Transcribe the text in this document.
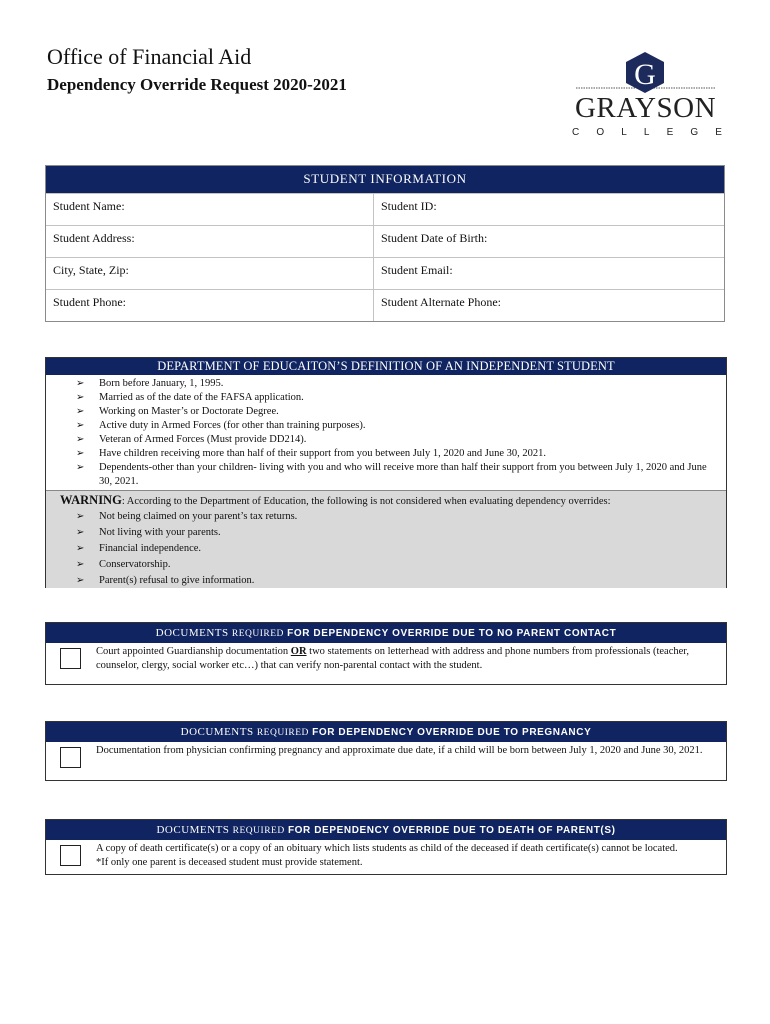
Office of Financial Aid
Dependency Override Request 2020-2021	G
GRAYSON
C O L L E G E
STUDENT INFORMATION
Student Name:	Student ID:
Student Address:	Student Date of Birth:
City, State, Zip:	Student Email:
Student Phone:	Student Alternate Phone:
DEPARTMENT OF EDUCAITON’S DEFINITION OF AN INDEPENDENT STUDENT
➢ Born before January, 1, 1995.
➢ Married as of the date of the FAFSA application.
➢ Working on Master’s or Doctorate Degree.
➢ Active duty in Armed Forces (for other than training purposes).
➢ Veteran of Armed Forces (Must provide DD214).
➢ Have children receiving more than half of their support from you between July 1, 2020 and June 30, 2021.
➢ Dependents-other than your children- living with you and who will receive more than half their support from you between July 1, 2020 and June 30, 2021.
WARNING: According to the Department of Education, the following is not considered when evaluating dependency overrides:
➢ Not being claimed on your parent’s tax returns.
➢ Not living with your parents.
➢ Financial independence.
➢ Conservatorship.
➢ Parent(s) refusal to give information.
DOCUMENTS REQUIRED FOR DEPENDENCY OVERRIDE DUE TO NO PARENT CONTACT
Court appointed Guardianship documentation OR two statements on letterhead with address and phone numbers from professionals (teacher, counselor, clergy, social worker etc…) that can verify non-parental contact with the student.
DOCUMENTS REQUIRED FOR DEPENDENCY OVERRIDE DUE TO PREGNANCY
Documentation from physician confirming pregnancy and approximate due date, if a child will be born between July 1, 2020 and June 30, 2021.
DOCUMENTS REQUIRED FOR DEPENDENCY OVERRIDE DUE TO DEATH OF PARENT(S)
A copy of death certificate(s) or a copy of an obituary which lists students as child of the deceased if death certificate(s) cannot be located.
*If only one parent is deceased student must provide statement.
